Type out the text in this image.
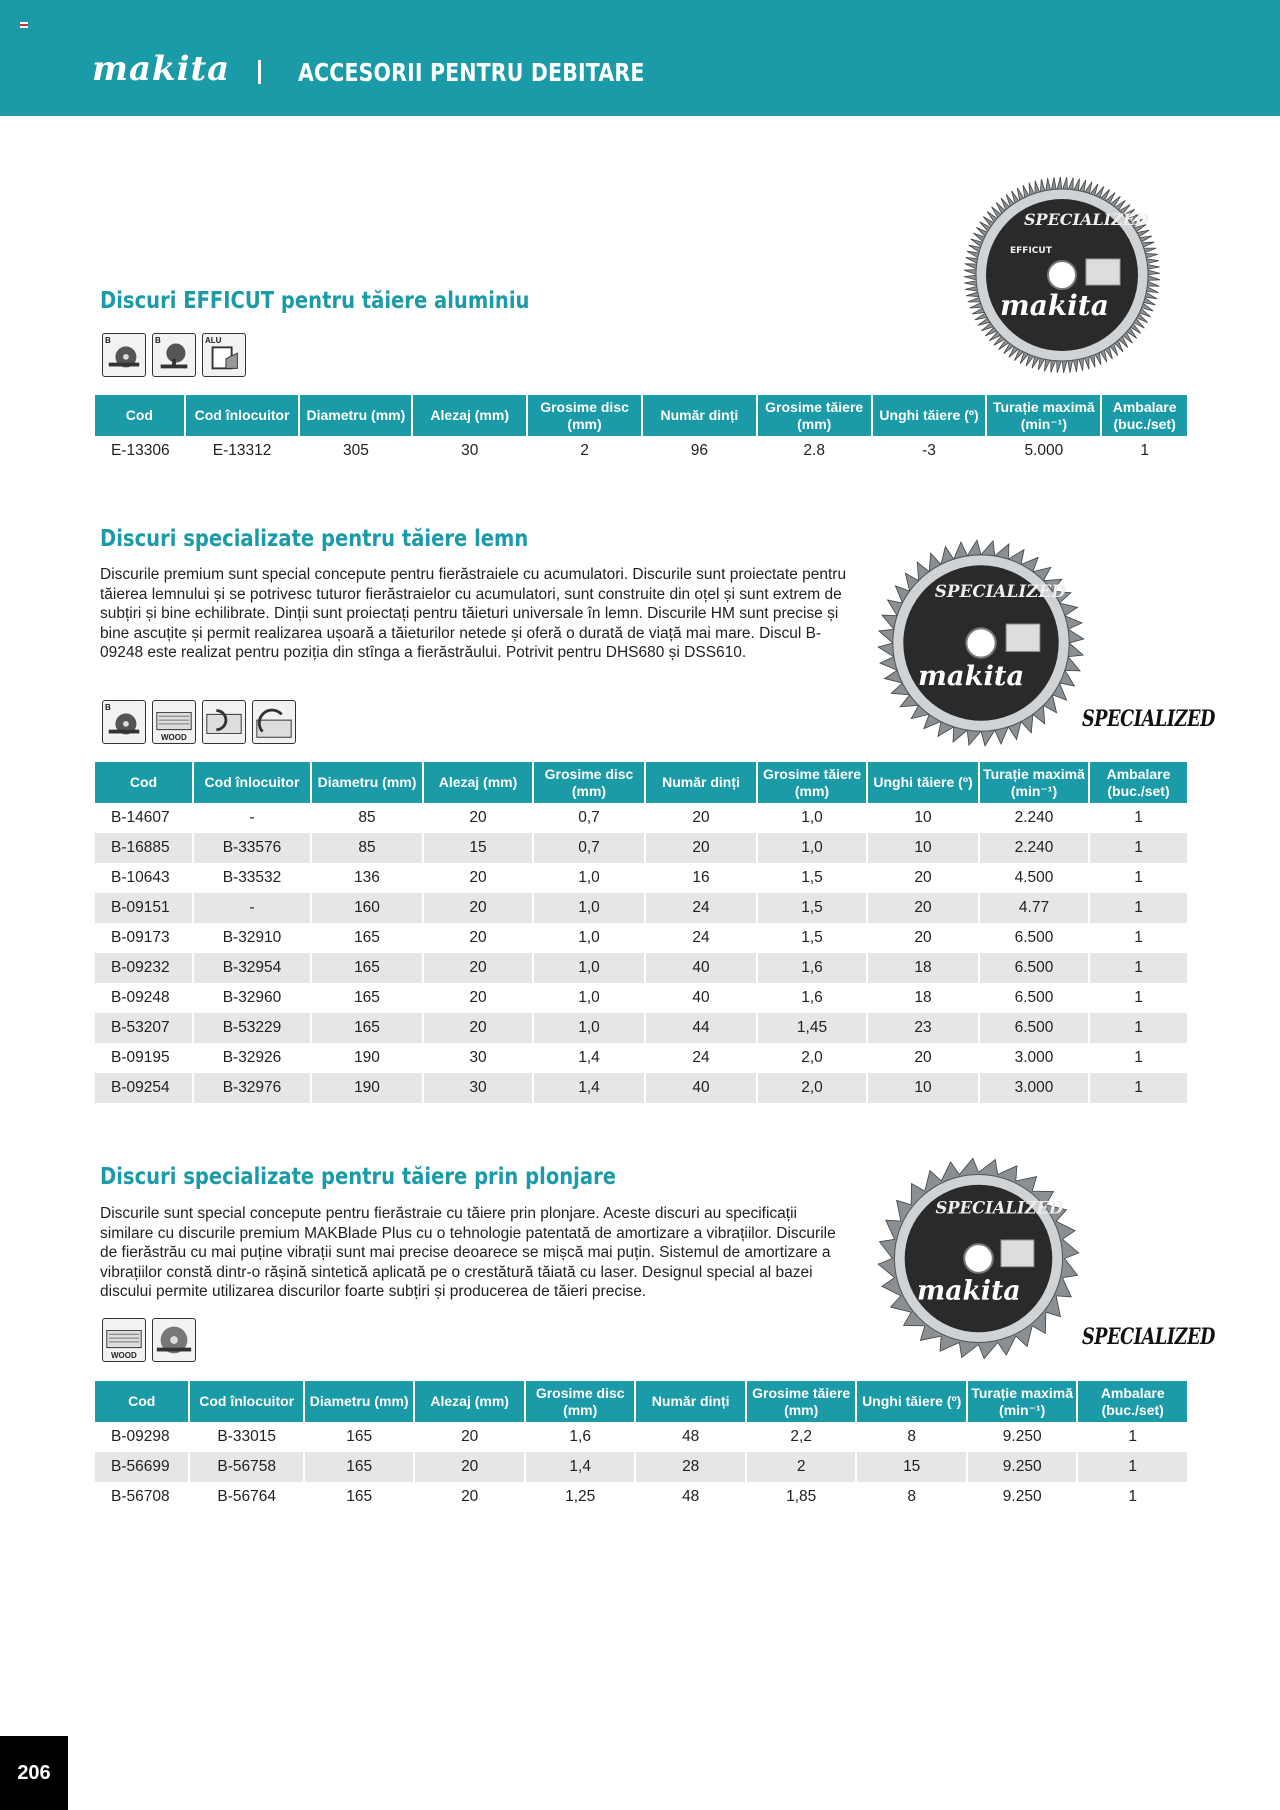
makita	ACCESORII PENTRU DEBITARE
SPECIALIZED
EFFICUT
makita
Discuri EFFICUT pentru tăiere aluminiu
B	B	ALU
Cod	Cod înlocuitor	Diametru (mm)	Alezaj (mm)	Grosime disc (mm)	Număr dinți	Grosime tăiere (mm)	Unghi tăiere (º)	Turație maximă (min⁻¹)	Ambalare (buc./set)
E-13306	E-13312	305	30	2	96	2.8	-3	5.000	1
Discuri specializate pentru tăiere lemn
Discurile premium sunt special concepute pentru fierăstraiele cu acumulatori. Discurile sunt proiectate pentru tăierea lemnului și se potrivesc tuturor fierăstraielor cu acumulatori, sunt construite din oțel și sunt extrem de subțiri și bine echilibrate. Dinții sunt proiectați pentru tăieturi universale în lemn. Discurile HM sunt precise și bine ascuțite și permit realizarea ușoară a tăieturilor netede și oferă o durată de viață mai mare. Discul B-09248 este realizat pentru poziția din stînga a fierăstrăului. Potrivit pentru DHS680 și DSS610.
SPECIALIZED
makita
SPECIALIZED
B
WOOD
Cod	Cod înlocuitor	Diametru (mm)	Alezaj (mm)	Grosime disc (mm)	Număr dinți	Grosime tăiere (mm)	Unghi tăiere (º)	Turație maximă (min⁻¹)	Ambalare (buc./set)
B-14607	-	85	20	0,7	20	1,0	10	2.240	1
B-16885	B-33576	85	15	0,7	20	1,0	10	2.240	1
B-10643	B-33532	136	20	1,0	16	1,5	20	4.500	1
B-09151	-	160	20	1,0	24	1,5	20	4.77	1
B-09173	B-32910	165	20	1,0	24	1,5	20	6.500	1
B-09232	B-32954	165	20	1,0	40	1,6	18	6.500	1
B-09248	B-32960	165	20	1,0	40	1,6	18	6.500	1
B-53207	B-53229	165	20	1,0	44	1,45	23	6.500	1
B-09195	B-32926	190	30	1,4	24	2,0	20	3.000	1
B-09254	B-32976	190	30	1,4	40	2,0	10	3.000	1
Discuri specializate pentru tăiere prin plonjare
Discurile sunt special concepute pentru fierăstraie cu tăiere prin plonjare. Aceste discuri au specificații similare cu discurile premium MAKBlade Plus cu o tehnologie patentată de amortizare a vibrațiilor. Discurile de fierăstrău cu mai puține vibrații sunt mai precise deoarece se mișcă mai puțin. Sistemul de amortizare a vibrațiilor constă dintr-o rășină sintetică aplicată pe o crestătură tăiată cu laser. Designul special al bazei discului permite utilizarea discurilor foarte subțiri și producerea de tăieri precise.
SPECIALIZED
makita
SPECIALIZED
WOOD
Cod	Cod înlocuitor	Diametru (mm)	Alezaj (mm)	Grosime disc (mm)	Număr dinți	Grosime tăiere (mm)	Unghi tăiere (º)	Turație maximă (min⁻¹)	Ambalare (buc./set)
B-09298	B-33015	165	20	1,6	48	2,2	8	9.250	1
B-56699	B-56758	165	20	1,4	28	2	15	9.250	1
B-56708	B-56764	165	20	1,25	48	1,85	8	9.250	1
206
